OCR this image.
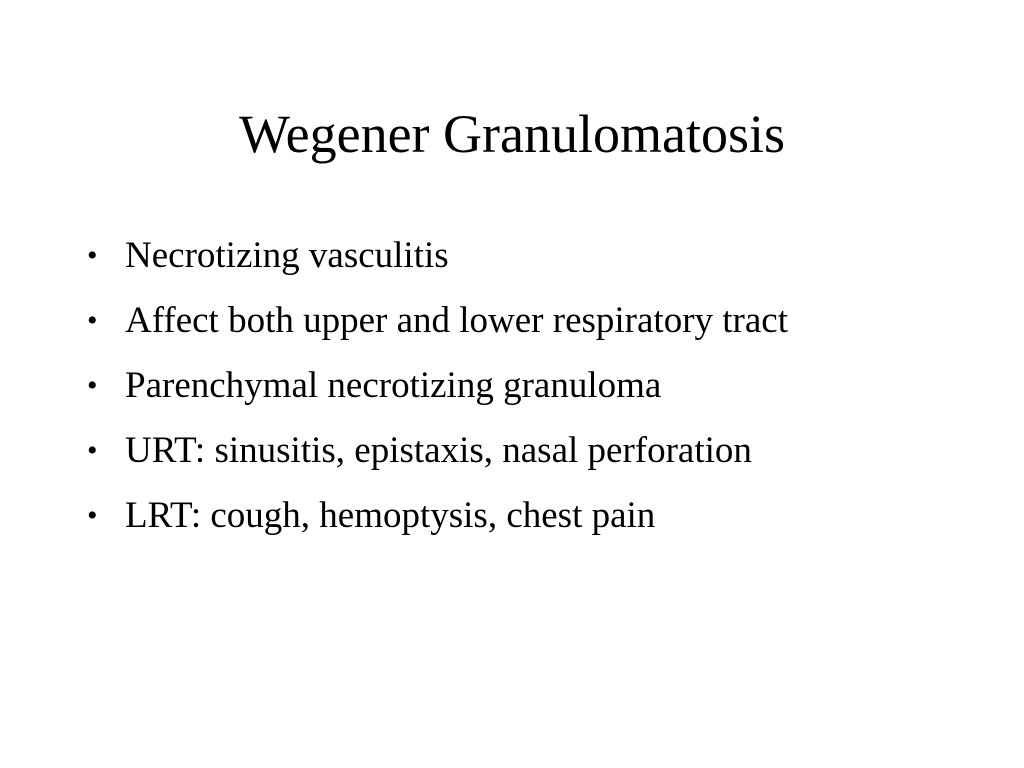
Wegener Granulomatosis
• Necrotizing vasculitis
• Affect both upper and lower respiratory tract
• Parenchymal necrotizing granuloma
• URT: sinusitis, epistaxis, nasal perforation
• LRT: cough, hemoptysis, chest pain
